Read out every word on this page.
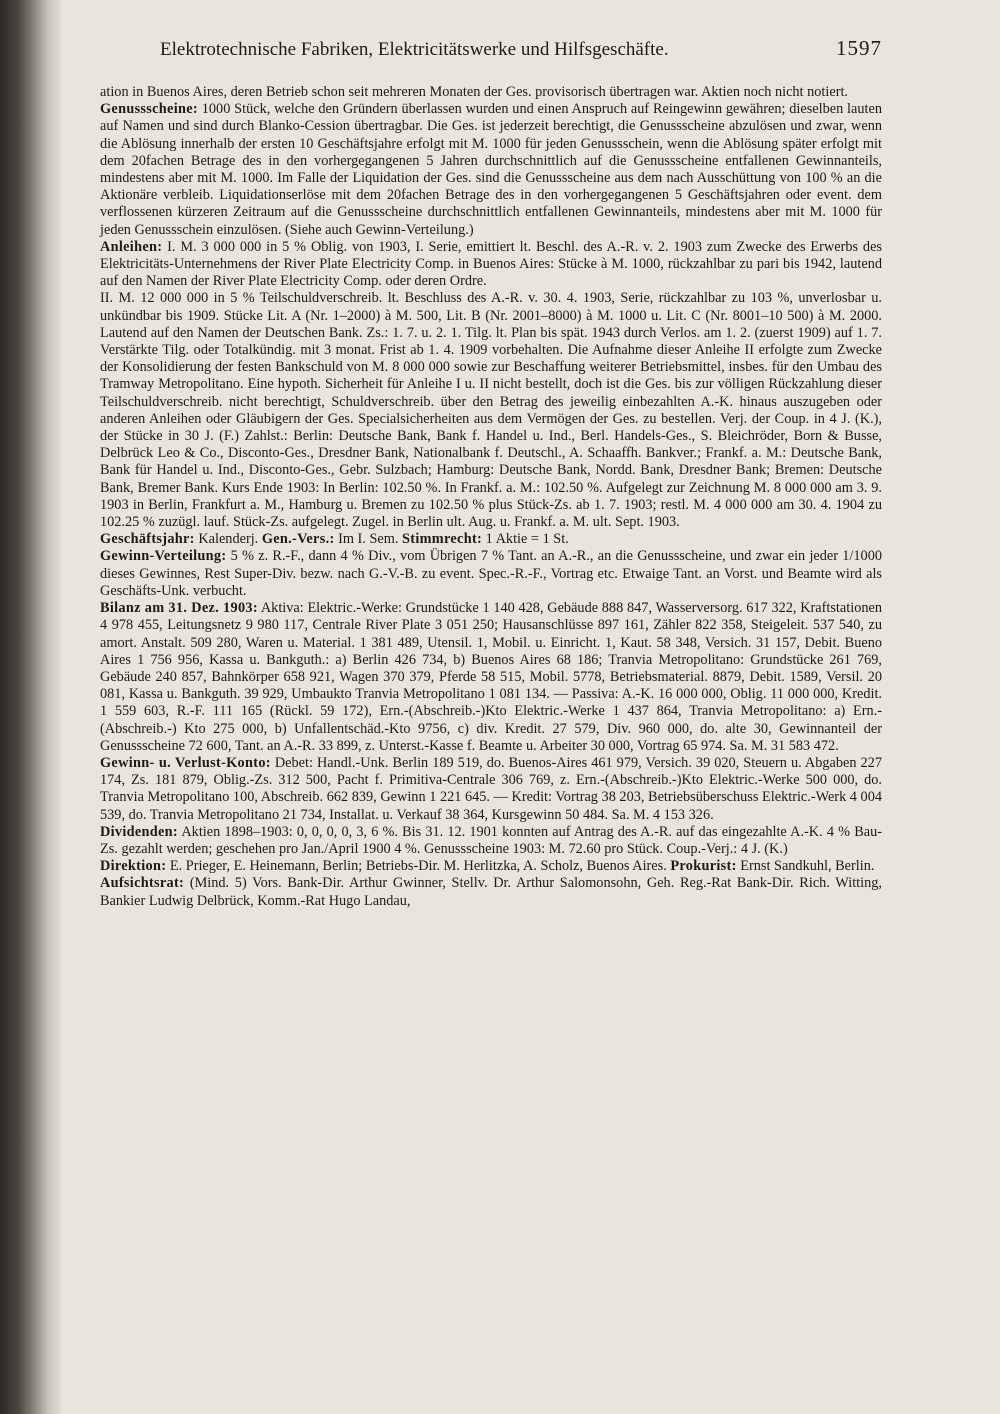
Elektrotechnische Fabriken, Elektricitätswerke und Hilfsgeschäfte.	1597

ation in Buenos Aires, deren Betrieb schon seit mehreren Monaten der Ges. provisorisch übertragen war. Aktien noch nicht notiert.

Genussscheine: 1000 Stück, welche den Gründern überlassen wurden und einen Anspruch auf Reingewinn gewähren; dieselben lauten auf Namen und sind durch Blanko-Cession übertragbar. Die Ges. ist jederzeit berechtigt, die Genussscheine abzulösen und zwar, wenn die Ablösung innerhalb der ersten 10 Geschäftsjahre erfolgt mit M. 1000 für jeden Genussschein, wenn die Ablösung später erfolgt mit dem 20fachen Betrage des in den vorhergegangenen 5 Jahren durchschnittlich auf die Genussscheine entfallenen Gewinnanteils, mindestens aber mit M. 1000. Im Falle der Liquidation der Ges. sind die Genussscheine aus dem nach Ausschüttung von 100 % an die Aktionäre verbleib. Liquidationserlöse mit dem 20fachen Betrage des in den vorhergegangenen 5 Geschäftsjahren oder event. dem verflossenen kürzeren Zeitraum auf die Genussscheine durchschnittlich entfallenen Gewinnanteils, mindestens aber mit M. 1000 für jeden Genussschein einzulösen. (Siehe auch Gewinn-Verteilung.)

Anleihen: I. M. 3 000 000 in 5 % Oblig. von 1903, I. Serie, emittiert lt. Beschl. des A.-R. v. 2. 1903 zum Zwecke des Erwerbs des Elektricitäts-Unternehmens der River Plate Electricity Comp. in Buenos Aires: Stücke à M. 1000, rückzahlbar zu pari bis 1942, lautend auf den Namen der River Plate Electricity Comp. oder deren Ordre.

II. M. 12 000 000 in 5 % Teilschuldverschreib. lt. Beschluss des A.-R. v. 30. 4. 1903, Serie, rückzahlbar zu 103 %, unverlosbar u. unkündbar bis 1909. Stücke Lit. A (Nr. 1–2000) à M. 500, Lit. B (Nr. 2001–8000) à M. 1000 u. Lit. C (Nr. 8001–10 500) à M. 2000. Lautend auf den Namen der Deutschen Bank. Zs.: 1. 7. u. 2. 1. Tilg. lt. Plan bis spät. 1943 durch Verlos. am 1. 2. (zuerst 1909) auf 1. 7. Verstärkte Tilg. oder Totalkündig. mit 3 monat. Frist ab 1. 4. 1909 vorbehalten. Die Aufnahme dieser Anleihe II erfolgte zum Zwecke der Konsolidierung der festen Bankschuld von M. 8 000 000 sowie zur Beschaffung weiterer Betriebsmittel, insbes. für den Umbau des Tramway Metropolitano. Eine hypoth. Sicherheit für Anleihe I u. II nicht bestellt, doch ist die Ges. bis zur völligen Rückzahlung dieser Teilschuldverschreib. nicht berechtigt, Schuldverschreib. über den Betrag des jeweilig einbezahlten A.-K. hinaus auszugeben oder anderen Anleihen oder Gläubigern der Ges. Specialsicherheiten aus dem Vermögen der Ges. zu bestellen. Verj. der Coup. in 4 J. (K.), der Stücke in 30 J. (F.) Zahlst.: Berlin: Deutsche Bank, Bank f. Handel u. Ind., Berl. Handels-Ges., S. Bleichröder, Born & Busse, Delbrück Leo & Co., Disconto-Ges., Dresdner Bank, Nationalbank f. Deutschl., A. Schaaffh. Bankver.; Frankf. a. M.: Deutsche Bank, Bank für Handel u. Ind., Disconto-Ges., Gebr. Sulzbach; Hamburg: Deutsche Bank, Nordd. Bank, Dresdner Bank; Bremen: Deutsche Bank, Bremer Bank. Kurs Ende 1903: In Berlin: 102.50 %. In Frankf. a. M.: 102.50 %. Aufgelegt zur Zeichnung M. 8 000 000 am 3. 9. 1903 in Berlin, Frankfurt a. M., Hamburg u. Bremen zu 102.50 % plus Stück-Zs. ab 1. 7. 1903; restl. M. 4 000 000 am 30. 4. 1904 zu 102.25 % zuzügl. lauf. Stück-Zs. aufgelegt. Zugel. in Berlin ult. Aug. u. Frankf. a. M. ult. Sept. 1903.

Geschäftsjahr: Kalenderj. Gen.-Vers.: Im I. Sem. Stimmrecht: 1 Aktie = 1 St.

Gewinn-Verteilung: 5 % z. R.-F., dann 4 % Div., vom Übrigen 7 % Tant. an A.-R., an die Genussscheine, und zwar ein jeder 1/1000 dieses Gewinnes, Rest Super-Div. bezw. nach G.-V.-B. zu event. Spec.-R.-F., Vortrag etc. Etwaige Tant. an Vorst. und Beamte wird als Geschäfts-Unk. verbucht.

Bilanz am 31. Dez. 1903: Aktiva: Elektric.-Werke: Grundstücke 1 140 428, Gebäude 888 847, Wasserversorg. 617 322, Kraftstationen 4 978 455, Leitungsnetz 9 980 117, Centrale River Plate 3 051 250; Hausanschlüsse 897 161, Zähler 822 358, Steigeleit. 537 540, zu amort. Anstalt. 509 280, Waren u. Material. 1 381 489, Utensil. 1, Mobil. u. Einricht. 1, Kaut. 58 348, Versich. 31 157, Debit. Bueno Aires 1 756 956, Kassa u. Bankguth.: a) Berlin 426 734, b) Buenos Aires 68 186; Tranvia Metropolitano: Grundstücke 261 769, Gebäude 240 857, Bahnkörper 658 921, Wagen 370 379, Pferde 58 515, Mobil. 5778, Betriebsmaterial. 8879, Debit. 1589, Versil. 20 081, Kassa u. Bankguth. 39 929, Umbaukto Tranvia Metropolitano 1 081 134. — Passiva: A.-K. 16 000 000, Oblig. 11 000 000, Kredit. 1 559 603, R.-F. 111 165 (Rückl. 59 172), Ern.-(Abschreib.-)Kto Elektric.-Werke 1 437 864, Tranvia Metropolitano: a) Ern.-(Abschreib.-) Kto 275 000, b) Unfallentschäd.-Kto 9756, c) div. Kredit. 27 579, Div. 960 000, do. alte 30, Gewinnanteil der Genussscheine 72 600, Tant. an A.-R. 33 899, z. Unterst.-Kasse f. Beamte u. Arbeiter 30 000, Vortrag 65 974. Sa. M. 31 583 472.

Gewinn- u. Verlust-Konto: Debet: Handl.-Unk. Berlin 189 519, do. Buenos-Aires 461 979, Versich. 39 020, Steuern u. Abgaben 227 174, Zs. 181 879, Oblig.-Zs. 312 500, Pacht f. Primitiva-Centrale 306 769, z. Ern.-(Abschreib.-)Kto Elektric.-Werke 500 000, do. Tranvia Metropolitano 100, Abschreib. 662 839, Gewinn 1 221 645. — Kredit: Vortrag 38 203, Betriebsüberschuss Elektric.-Werk 4 004 539, do. Tranvia Metropolitano 21 734, Installat. u. Verkauf 38 364, Kursgewinn 50 484. Sa. M. 4 153 326.

Dividenden: Aktien 1898–1903: 0, 0, 0, 0, 3, 6 %. Bis 31. 12. 1901 konnten auf Antrag des A.-R. auf das eingezahlte A.-K. 4 % Bau-Zs. gezahlt werden; geschehen pro Jan./April 1900 4 %. Genussscheine 1903: M. 72.60 pro Stück. Coup.-Verj.: 4 J. (K.)

Direktion: E. Prieger, E. Heinemann, Berlin; Betriebs-Dir. M. Herlitzka, A. Scholz, Buenos Aires. Prokurist: Ernst Sandkuhl, Berlin.

Aufsichtsrat: (Mind. 5) Vors. Bank-Dir. Arthur Gwinner, Stellv. Dr. Arthur Salomonsohn, Geh. Reg.-Rat Bank-Dir. Rich. Witting, Bankier Ludwig Delbrück, Komm.-Rat Hugo Landau,
